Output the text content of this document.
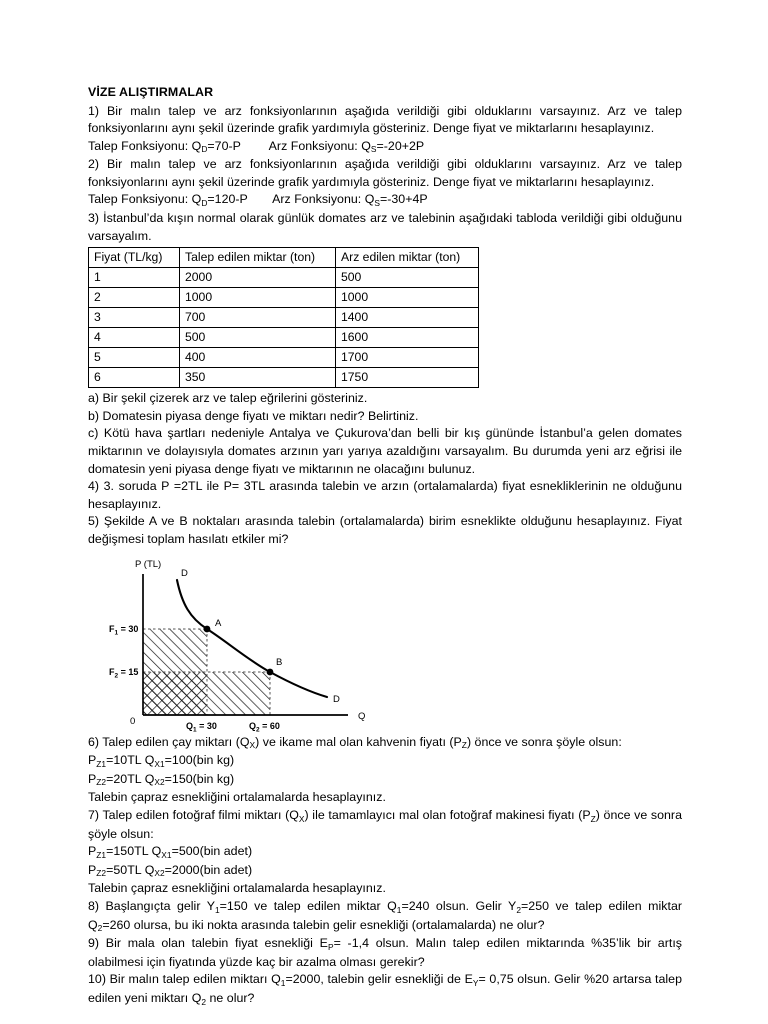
VİZE ALIŞTIRMALAR

1) Bir malın talep ve arz fonksiyonlarının aşağıda verildiği gibi olduklarını varsayınız. Arz ve talep fonksiyonlarını aynı şekil üzerinde grafik yardımıyla gösteriniz. Denge fiyat ve miktarlarını hesaplayınız.

Talep Fonksiyonu: $Q_D=70-P$ Arz Fonksiyonu: $Q_S=-20+2P$

2) Bir malın talep ve arz fonksiyonlarının aşağıda verildiği gibi olduklarını varsayınız. Arz ve talep fonksiyonlarını aynı şekil üzerinde grafik yardımıyla gösteriniz. Denge fiyat ve miktarlarını hesaplayınız.

Talep Fonksiyonu: $Q_D=120-P$ Arz Fonksiyonu: $Q_S=-30+4P$

3) İstanbul’da kışın normal olarak günlük domates arz ve talebinin aşağıdaki tabloda verildiği gibi olduğunu varsayalım.

Fiyat (TL/kg)	Talep edilen miktar (ton)	Arz edilen miktar (ton)
1	2000	500
2	1000	1000
3	700	1400
4	500	1600
5	400	1700
6	350	1750

a) Bir şekil çizerek arz ve talep eğrilerini gösteriniz.

b) Domatesin piyasa denge fiyatı ve miktarı nedir? Belirtiniz.

c) Kötü hava şartları nedeniyle Antalya ve Çukurova’dan belli bir kış gününde İstanbul’a gelen domates miktarının ve dolayısıyla domates arzının yarı yarıya azaldığını varsayalım. Bu durumda yeni arz eğrisi ile domatesin yeni piyasa denge fiyatı ve miktarının ne olacağını bulunuz.

4) 3. soruda P =2TL ile P= 3TL arasında talebin ve arzın (ortalamalarda) fiyat esnekliklerinin ne olduğunu hesaplayınız.

5) Şekilde A ve B noktaları arasında talebin (ortalamalarda) birim esneklikte olduğunu hesaplayınız. Fiyat değişmesi toplam hasılatı etkiler mi?

P (TL)
Q
0
D
D
A
B
$F_1 = 30$
$F_2 = 15$
$Q_1 = 30$	$Q_2 = 60$

6) Talep edilen çay miktarı $(Q_X)$ ve ikame mal olan kahvenin fiyatı $(P_Z)$ önce ve sonra şöyle olsun:

$P_{Z1}=10TL$ $Q_{X1}=100(bin$ kg)

$P_{Z2}=20TL$ $Q_{X2}=150(bin$ kg)

Talebin çapraz esnekliğini ortalamalarda hesaplayınız.

7) Talep edilen fotoğraf filmi miktarı $(Q_X)$ ile tamamlayıcı mal olan fotoğraf makinesi fiyatı $(P_Z)$ önce ve sonra şöyle olsun:

$P_{Z1}=150TL$ $Q_{X1}=500(bin$ adet)

$P_{Z2}=50TL$ $Q_{X2}=2000(bin$ adet)

Talebin çapraz esnekliğini ortalamalarda hesaplayınız.

8) Başlangıçta gelir $Y_1=150$ ve talep edilen miktar $Q_1=240$ olsun. Gelir $Y_2=250$ ve talep edilen miktar $Q_2=260$ olursa, bu iki nokta arasında talebin gelir esnekliği (ortalamalarda) ne olur?

9) Bir mala olan talebin fiyat esnekliği $E_P= -1,4$ olsun. Malın talep edilen miktarında %35’lik bir artış olabilmesi için fiyatında yüzde kaç bir azalma olması gerekir?

10) Bir malın talep edilen miktarı $Q_1=2000$, talebin gelir esnekliği de $E_Y= 0,75$ olsun. Gelir %20 artarsa talep edilen yeni miktarı $Q_2$ ne olur?
